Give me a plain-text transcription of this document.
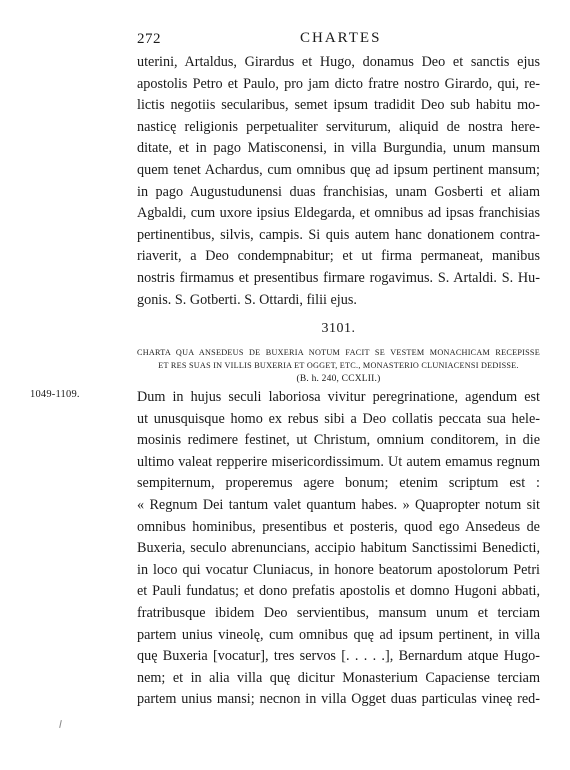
272	CHARTES
uterini, Artaldus, Girardus et Hugo, donamus Deo et sanctis ejus
apostolis Petro et Paulo, pro jam dicto fratre nostro Girardo, qui, re-
lictis negotiis secularibus, semet ipsum tradidit Deo sub habitu mo-
nasticę religionis perpetualiter serviturum, aliquid de nostra here-
ditate, et in pago Matisconensi, in villa Burgundia, unum mansum
quem tenet Achardus, cum omnibus quę ad ipsum pertinent mansum;
in pago Augustudunensi duas franchisias, unam Gosberti et aliam
Agbaldi, cum uxore ipsius Eldegarda, et omnibus ad ipsas franchisias
pertinentibus, silvis, campis. Si quis autem hanc donationem contra-
riaverit, a Deo condempnabitur; et ut firma permaneat, manibus
nostris firmamus et presentibus firmare rogavimus. S. Artaldi. S. Hu-
gonis. S. Gotberti. S. Ottardi, filii ejus.
3101.
CHARTA QUA ANSEDEUS DE BUXERIA NOTUM FACIT SE VESTEM MONACHICAM RECEPISSE
ET RES SUAS IN VILLIS BUXERIA ET OGGET, ETC., MONASTERIO CLUNIACENSI DEDISSE.
(B. h. 240, CCXLII.)
1049-1109.	Dum in hujus seculi laboriosa vivitur peregrinatione, agendum est
ut unusquisque homo ex rebus sibi a Deo collatis peccata sua hele-
mosinis redimere festinet, ut Christum, omnium conditorem, in die
ultimo valeat repperire misericordissimum. Ut autem emamus regnum
sempiternum, properemus agere bonum; etenim scriptum est :
« Regnum Dei tantum valet quantum habes. » Quapropter notum sit
omnibus hominibus, presentibus et posteris, quod ego Ansedeus de
Buxeria, seculo abrenuncians, accipio habitum Sanctissimi Benedicti,
in loco qui vocatur Cluniacus, in honore beatorum apostolorum Petri
et Pauli fundatus; et dono prefatis apostolis et domno Hugoni abbati,
fratribusque ibidem Deo servientibus, mansum unum et terciam
partem unius vineolę, cum omnibus quę ad ipsum pertinent, in villa
quę Buxeria [vocatur], tres servos [. . . . .], Bernardum atque Hugo-
nem; et in alia villa quę dicitur Monasterium Capaciense terciam
partem unius mansi; necnon in villa Ogget duas particulas vineę red-
